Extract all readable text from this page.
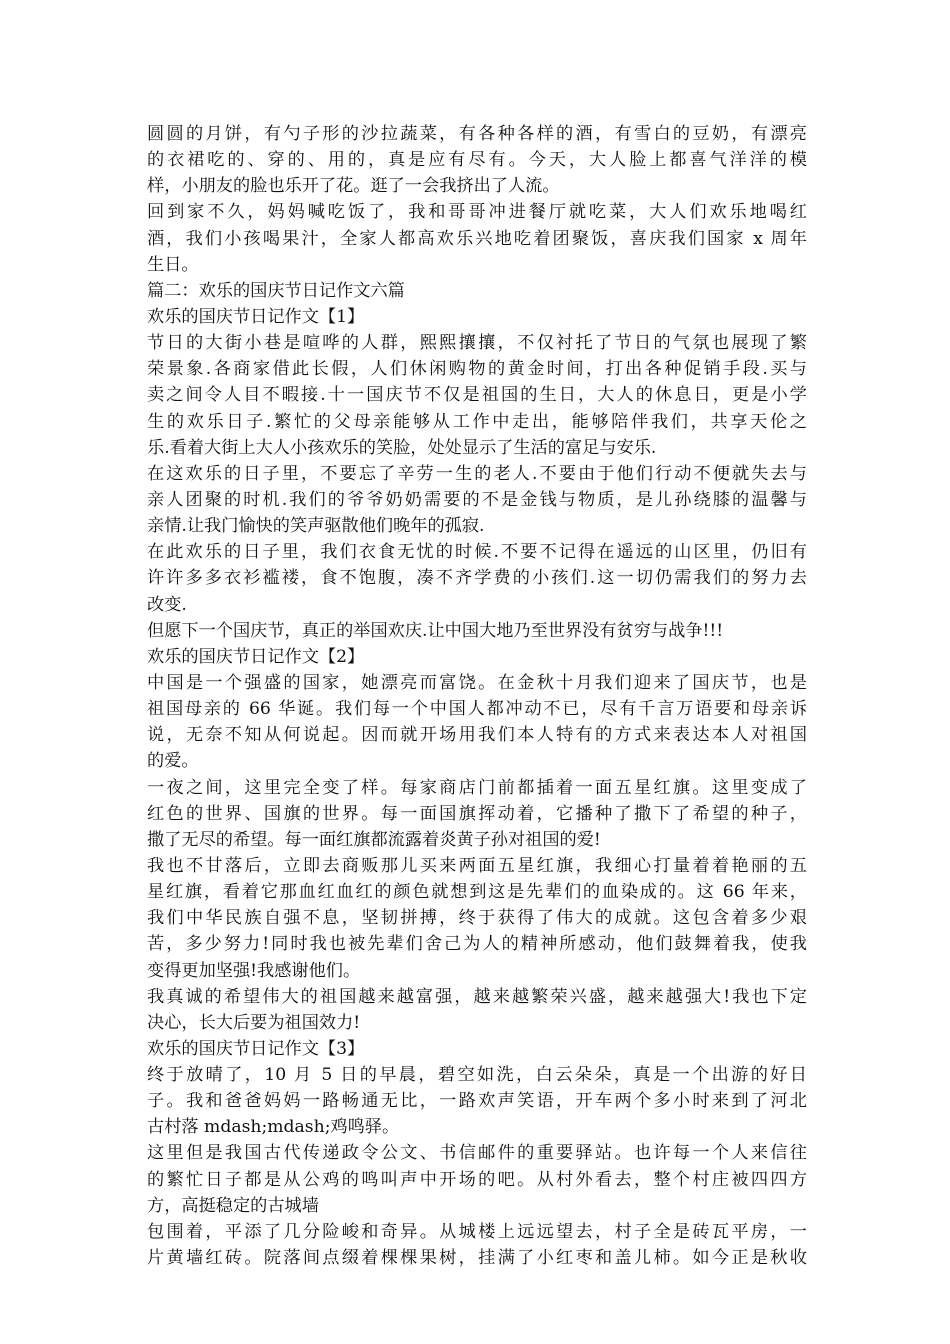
圆圆的月饼，有勺子形的沙拉蔬菜，有各种各样的酒，有雪白的豆奶，有漂亮
的衣裙吃的、穿的、用的，真是应有尽有。今天，大人脸上都喜气洋洋的模
样，小朋友的脸也乐开了花。逛了一会我挤出了人流。
回到家不久，妈妈喊吃饭了，我和哥哥冲进餐厅就吃菜，大人们欢乐地喝红
酒，我们小孩喝果汁，全家人都高欢乐兴地吃着团聚饭，喜庆我们国家 x 周年
生日。
篇二：欢乐的国庆节日记作文六篇
欢乐的国庆节日记作文【1】
节日的大街小巷是喧哗的人群，熙熙攘攘，不仅衬托了节日的气氛也展现了繁
荣景象.各商家借此长假，人们休闲购物的黄金时间，打出各种促销手段.买与
卖之间令人目不暇接.十一国庆节不仅是祖国的生日，大人的休息日，更是小学
生的欢乐日子.繁忙的父母亲能够从工作中走出，能够陪伴我们，共享天伦之
乐.看着大街上大人小孩欢乐的笑脸，处处显示了生活的富足与安乐.
在这欢乐的日子里，不要忘了辛劳一生的老人.不要由于他们行动不便就失去与
亲人团聚的时机.我们的爷爷奶奶需要的不是金钱与物质，是儿孙绕膝的温馨与
亲情.让我门愉快的笑声驱散他们晚年的孤寂.
在此欢乐的日子里，我们衣食无忧的时候.不要不记得在遥远的山区里，仍旧有
许许多多衣衫褴褛，食不饱腹，凑不齐学费的小孩们.这一切仍需我们的努力去
改变.
但愿下一个国庆节，真正的举国欢庆.让中国大地乃至世界没有贫穷与战争!!!
欢乐的国庆节日记作文【2】
中国是一个强盛的国家，她漂亮而富饶。在金秋十月我们迎来了国庆节，也是
祖国母亲的 66 华诞。我们每一个中国人都冲动不已，尽有千言万语要和母亲诉
说，无奈不知从何说起。因而就开场用我们本人特有的方式来表达本人对祖国
的爱。
一夜之间，这里完全变了样。每家商店门前都插着一面五星红旗。这里变成了
红色的世界、国旗的世界。每一面国旗挥动着，它播种了撒下了希望的种子，
撒了无尽的希望。每一面红旗都流露着炎黄子孙对祖国的爱!
我也不甘落后，立即去商贩那儿买来两面五星红旗，我细心打量着着艳丽的五
星红旗，看着它那血红血红的颜色就想到这是先辈们的血染成的。这 66 年来，
我们中华民族自强不息，坚韧拼搏，终于获得了伟大的成就。这包含着多少艰
苦，多少努力!同时我也被先辈们舍己为人的精神所感动，他们鼓舞着我，使我
变得更加坚强!我感谢他们。
我真诚的希望伟大的祖国越来越富强，越来越繁荣兴盛，越来越强大!我也下定
决心，长大后要为祖国效力!
欢乐的国庆节日记作文【3】
终于放晴了，10 月 5 日的早晨，碧空如洗，白云朵朵，真是一个出游的好日
子。我和爸爸妈妈一路畅通无比，一路欢声笑语，开车两个多小时来到了河北
古村落 mdash;mdash;鸡鸣驿。
这里但是我国古代传递政令公文、书信邮件的重要驿站。也许每一个人来信往
的繁忙日子都是从公鸡的鸣叫声中开场的吧。从村外看去，整个村庄被四四方
方，高挺稳定的古城墙
包围着，平添了几分险峻和奇异。从城楼上远远望去，村子全是砖瓦平房，一
片黄墙红砖。院落间点缀着棵棵果树，挂满了小红枣和盖儿柿。如今正是秋收
